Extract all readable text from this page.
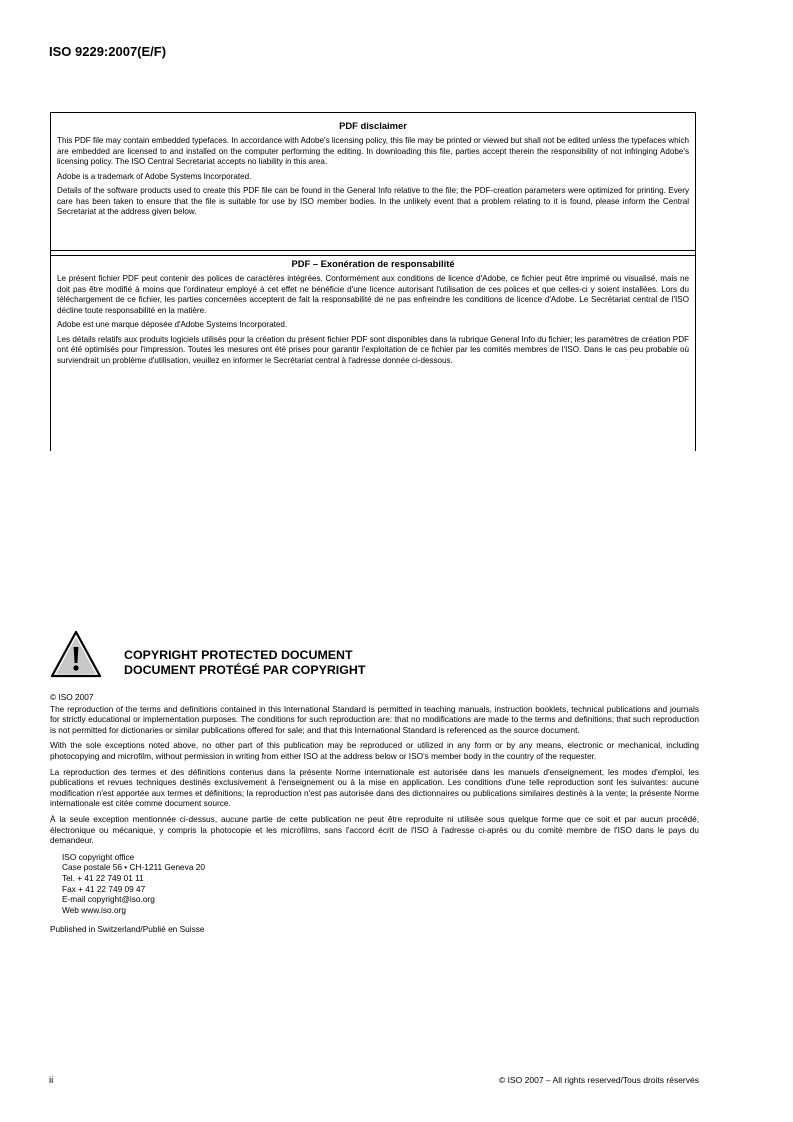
ISO 9229:2007(E/F)
PDF disclaimer

This PDF file may contain embedded typefaces. In accordance with Adobe's licensing policy, this file may be printed or viewed but shall not be edited unless the typefaces which are embedded are licensed to and installed on the computer performing the editing. In downloading this file, parties accept therein the responsibility of not infringing Adobe's licensing policy. The ISO Central Secretariat accepts no liability in this area.

Adobe is a trademark of Adobe Systems Incorporated.

Details of the software products used to create this PDF file can be found in the General Info relative to the file; the PDF-creation parameters were optimized for printing. Every care has been taken to ensure that the file is suitable for use by ISO member bodies. In the unlikely event that a problem relating to it is found, please inform the Central Secretariat at the address given below.

PDF – Exonération de responsabilité

Le présent fichier PDF peut contenir des polices de caractères intégrées. Conformément aux conditions de licence d'Adobe, ce fichier peut être imprimé ou visualisé, mais ne doit pas être modifié à moins que l'ordinateur employé à cet effet ne bénéficie d'une licence autorisant l'utilisation de ces polices et que celles-ci y soient installées. Lors du téléchargement de ce fichier, les parties concernées acceptent de fait la responsabilité de ne pas enfreindre les conditions de licence d'Adobe. Le Secrétariat central de l'ISO décline toute responsabilité en la matière.

Adobe est une marque déposée d'Adobe Systems Incorporated.

Les détails relatifs aux produits logiciels utilisés pour la création du présent fichier PDF sont disponibles dans la rubrique General Info du fichier; les paramètres de création PDF ont été optimisés pour l'impression. Toutes les mesures ont été prises pour garantir l'exploitation de ce fichier par les comités membres de l'ISO. Dans le cas peu probable où surviendrait un problème d'utilisation, veuillez en informer le Secrétariat central à l'adresse donnée ci-dessous.

COPYRIGHT PROTECTED DOCUMENT
DOCUMENT PROTÉGÉ PAR COPYRIGHT

© ISO 2007

The reproduction of the terms and definitions contained in this International Standard is permitted in teaching manuals, instruction booklets, technical publications and journals for strictly educational or implementation purposes. The conditions for such reproduction are: that no modifications are made to the terms and definitions; that such reproduction is not permitted for dictionaries or similar publications offered for sale; and that this International Standard is referenced as the source document.

With the sole exceptions noted above, no other part of this publication may be reproduced or utilized in any form or by any means, electronic or mechanical, including photocopying and microfilm, without permission in writing from either ISO at the address below or ISO's member body in the country of the requester.

La reproduction des termes et des définitions contenus dans la présente Norme internationale est autorisée dans les manuels d'enseignement, les modes d'emploi, les publications et revues techniques destinés exclusivement à l'enseignement ou à la mise en application. Les conditions d'une telle reproduction sont les suivantes: aucune modification n'est apportée aux termes et définitions; la reproduction n'est pas autorisée dans des dictionnaires ou publications similaires destinés à la vente; la présente Norme internationale est citée comme document source.

À la seule exception mentionnée ci-dessus, aucune partie de cette publication ne peut être reproduite ni utilisée sous quelque forme que ce soit et par aucun procédé, électronique ou mécanique, y compris la photocopie et les microfilms, sans l'accord écrit de l'ISO à l'adresse ci-après ou du comité membre de l'ISO dans le pays du demandeur.

ISO copyright office
Case postale 56 • CH-1211 Geneva 20
Tel. + 41 22 749 01 11
Fax + 41 22 749 09 47
E-mail copyright@iso.org
Web www.iso.org
Published in Switzerland/Publié en Suisse
ii	© ISO 2007 – All rights reserved/Tous droits réservés
